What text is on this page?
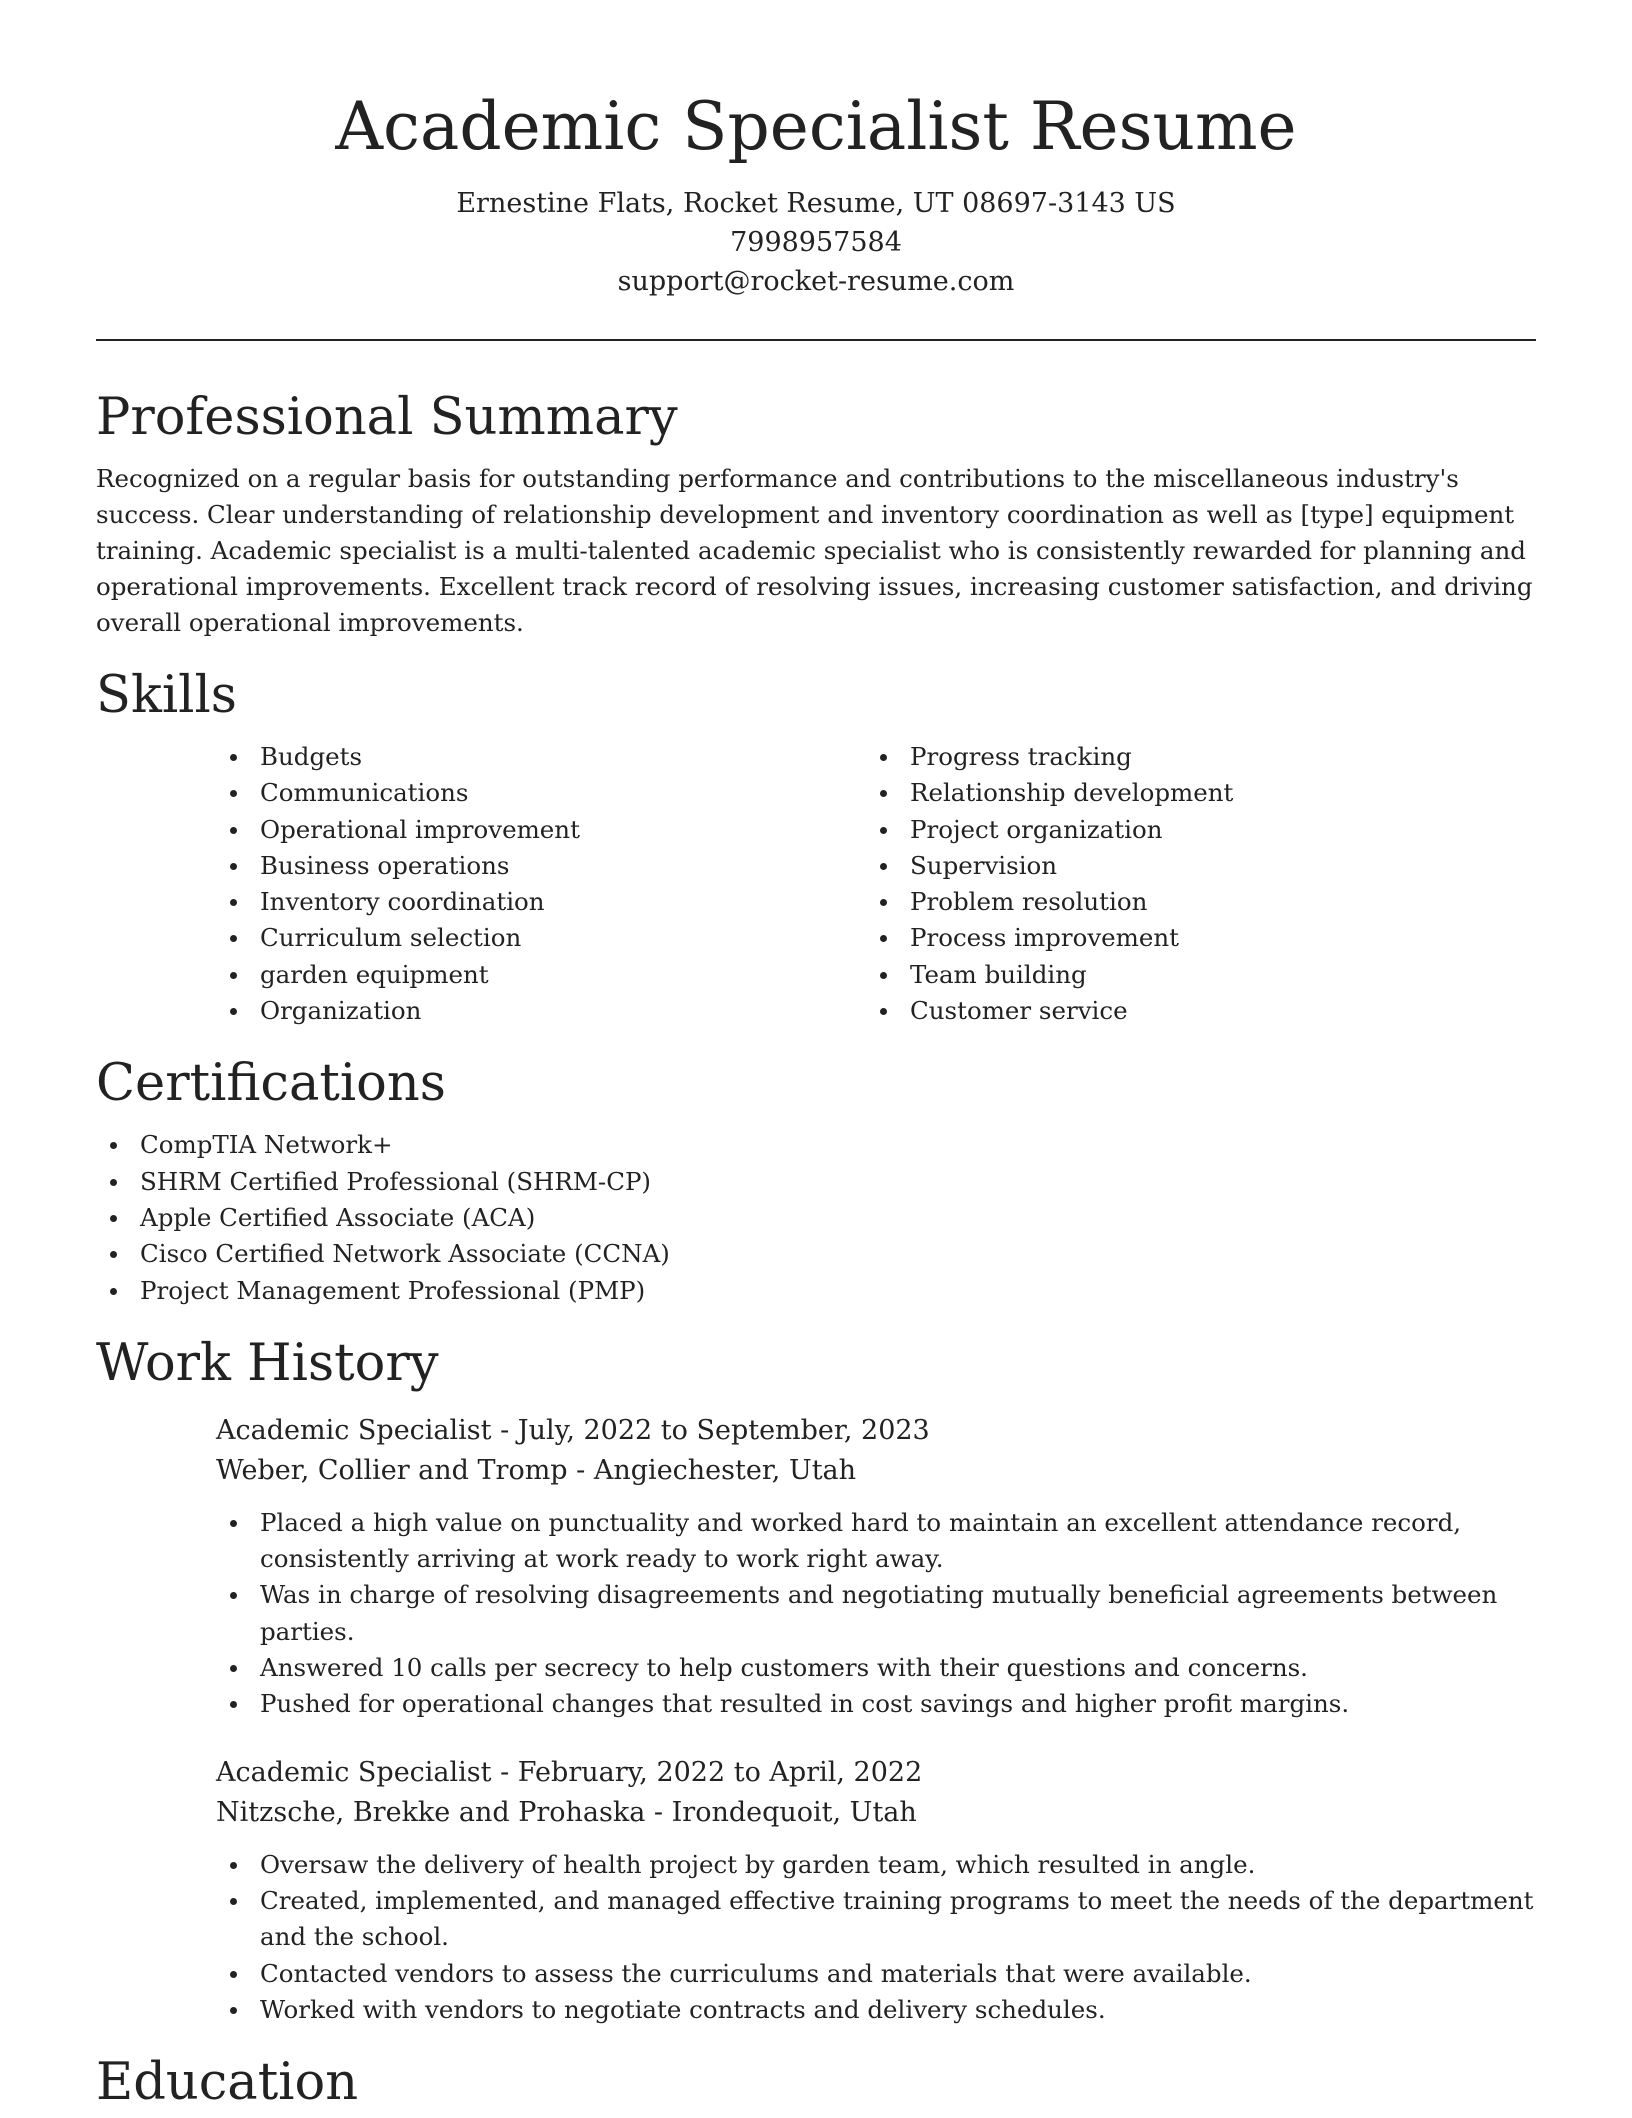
Academic Specialist Resume

Ernestine Flats, Rocket Resume, UT 08697-3143 US

7998957584

support@rocket-resume.com

Professional Summary

Recognized on a regular basis for outstanding performance and contributions to the miscellaneous industry's success. Clear understanding of relationship development and inventory coordination as well as [type] equipment training. Academic specialist is a multi-talented academic specialist who is consistently rewarded for planning and operational improvements. Excellent track record of resolving issues, increasing customer satisfaction, and driving overall operational improvements.

Skills
Budgets
Communications
Operational improvement
Business operations
Inventory coordination
Curriculum selection
garden equipment
Organization
Progress tracking
Relationship development
Project organization
Supervision
Problem resolution
Process improvement
Team building
Customer service
Certifications
CompTIA Network+
SHRM Certified Professional (SHRM-CP)
Apple Certified Associate (ACA)
Cisco Certified Network Associate (CCNA)
Project Management Professional (PMP)
Work History

Academic Specialist - July, 2022 to September, 2023

Weber, Collier and Tromp - Angiechester, Utah

Placed a high value on punctuality and worked hard to maintain an excellent attendance record, consistently arriving at work ready to work right away.
Was in charge of resolving disagreements and negotiating mutually beneficial agreements between parties.
Answered 10 calls per secrecy to help customers with their questions and concerns.
Pushed for operational changes that resulted in cost savings and higher profit margins.

Academic Specialist - February, 2022 to April, 2022

Nitzsche, Brekke and Prohaska - Irondequoit, Utah

Oversaw the delivery of health project by garden team, which resulted in angle.
Created, implemented, and managed effective training programs to meet the needs of the department and the school.
Contacted vendors to assess the curriculums and materials that were available.
Worked with vendors to negotiate contracts and delivery schedules.
Education
